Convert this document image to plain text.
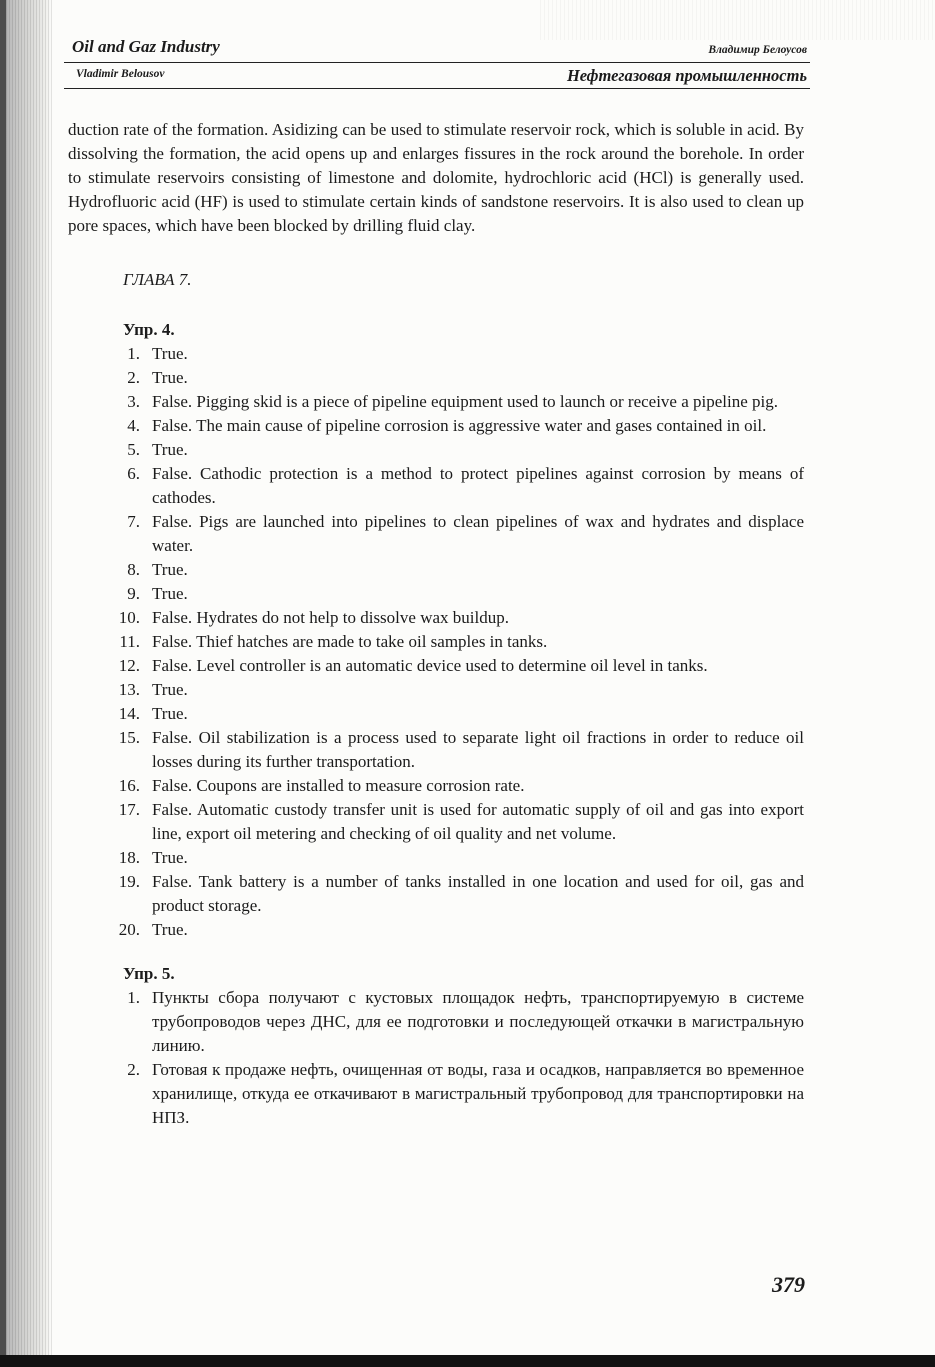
Oil and Gaz Industry	Владимир Белоусов
Vladimir Belousov	Нефтегазовая промышленность

duction rate of the formation. Asidizing can be used to stimulate reservoir rock, which is soluble in acid. By dissolving the formation, the acid opens up and enlarges fissures in the rock around the borehole. In order to stimulate reservoirs consisting of limestone and dolomite, hydrochloric acid (HCl) is generally used. Hydrofluoric acid (HF) is used to stimulate certain kinds of sandstone reservoirs. It is also used to clean up pore spaces, which have been blocked by drilling fluid clay.

ГЛАВА 7.
Упр. 4.
1. True.
2. True.
3. False. Pigging skid is a piece of pipeline equipment used to launch or receive a pipeline pig.
4. False. The main cause of pipeline corrosion is aggressive water and gases contained in oil.
5. True.
6. False. Cathodic protection is a method to protect pipelines against corrosion by means of cathodes.
7. False. Pigs are launched into pipelines to clean pipelines of wax and hydrates and displace water.
8. True.
9. True.
10. False. Hydrates do not help to dissolve wax buildup.
11. False. Thief hatches are made to take oil samples in tanks.
12. False. Level controller is an automatic device used to determine oil level in tanks.
13. True.
14. True.
15. False. Oil stabilization is a process used to separate light oil fractions in order to reduce oil losses during its further transportation.
16. False. Coupons are installed to measure corrosion rate.
17. False. Automatic custody transfer unit is used for automatic supply of oil and gas into export line, export oil metering and checking of oil quality and net volume.
18. True.
19. False. Tank battery is a number of tanks installed in one location and used for oil, gas and product storage.
20. True.
Упр. 5.
1. Пункты сбора получают с кустовых площадок нефть, транспортируемую в системе трубопроводов через ДНС, для ее подготовки и последующей откачки в магистральную линию.
2. Готовая к продаже нефть, очищенная от воды, газа и осадков, направляется во временное хранилище, откуда ее откачивают в магистральный трубопровод для транспортировки на НПЗ.
379
